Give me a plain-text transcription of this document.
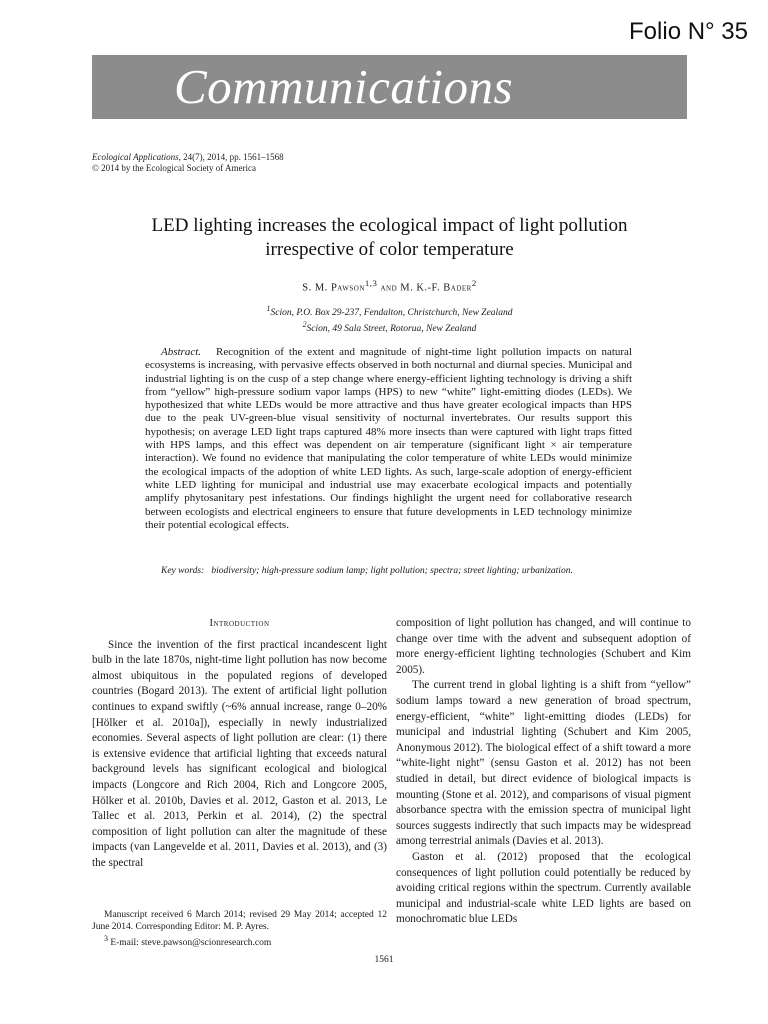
Folio N° 35
Communications
Ecological Applications, 24(7), 2014, pp. 1561–1568
© 2014 by the Ecological Society of America
LED lighting increases the ecological impact of light pollution
irrespective of color temperature
S. M. Pawson$^{1,3}$ and M. K.-F. Bader$^2$
$^1$Scion, P.O. Box 29-237, Fendalton, Christchurch, New Zealand
$^2$Scion, 49 Sala Street, Rotorua, New Zealand

Abstract. Recognition of the extent and magnitude of night-time light pollution impacts on natural ecosystems is increasing, with pervasive effects observed in both nocturnal and diurnal species. Municipal and industrial lighting is on the cusp of a step change where energy-efficient lighting technology is driving a shift from “yellow” high-pressure sodium vapor lamps (HPS) to new “white” light-emitting diodes (LEDs). We hypothesized that white LEDs would be more attractive and thus have greater ecological impacts than HPS due to the peak UV-green-blue visual sensitivity of nocturnal invertebrates. Our results support this hypothesis; on average LED light traps captured 48% more insects than were captured with light traps fitted with HPS lamps, and this effect was dependent on air temperature (significant light × air temperature interaction). We found no evidence that manipulating the color temperature of white LEDs would minimize the ecological impacts of the adoption of white LED lights. As such, large-scale adoption of energy-efficient white LED lighting for municipal and industrial use may exacerbate ecological impacts and potentially amplify phytosanitary pest infestations. Our findings highlight the urgent need for collaborative research between ecologists and electrical engineers to ensure that future developments in LED technology minimize their potential ecological effects.

Key words: biodiversity; high-pressure sodium lamp; light pollution; spectra; street lighting; urbanization.

Introduction

Since the invention of the first practical incandescent light bulb in the late 1870s, night-time light pollution has now become almost ubiquitous in the populated regions of developed countries (Bogard 2013). The extent of artificial light pollution continues to expand swiftly (~6% annual increase, range 0–20% [Hölker et al. 2010a]), especially in newly industrialized economies. Several aspects of light pollution are clear: (1) there is extensive evidence that artificial lighting that exceeds natural background levels has significant ecological and biological impacts (Longcore and Rich 2004, Rich and Longcore 2005, Hölker et al. 2010b, Davies et al. 2012, Gaston et al. 2013, Le Tallec et al. 2013, Perkin et al. 2014), (2) the spectral composition of light pollution can alter the magnitude of these impacts (van Langevelde et al. 2011, Davies et al. 2013), and (3) the spectral

composition of light pollution has changed, and will continue to change over time with the advent and subsequent adoption of more energy-efficient lighting technologies (Schubert and Kim 2005).

The current trend in global lighting is a shift from “yellow” sodium lamps toward a new generation of broad spectrum, energy-efficient, “white” light-emitting diodes (LEDs) for municipal and industrial lighting (Schubert and Kim 2005, Anonymous 2012). The biological effect of a shift toward a more “white-light night” (sensu Gaston et al. 2012) has not been studied in detail, but direct evidence of biological impacts is mounting (Stone et al. 2012), and comparisons of visual pigment absorbance spectra with the emission spectra of municipal light sources suggests indirectly that such impacts may be widespread among terrestrial animals (Davies et al. 2013).

Gaston et al. (2012) proposed that the ecological consequences of light pollution could potentially be reduced by avoiding critical regions within the spectrum. Currently available municipal and industrial-scale white LED lights are based on monochromatic blue LEDs

Manuscript received 6 March 2014; revised 29 May 2014; accepted 12 June 2014. Corresponding Editor: M. P. Ayres.

$^3$ E-mail: steve.pawson@scionresearch.com

1561
